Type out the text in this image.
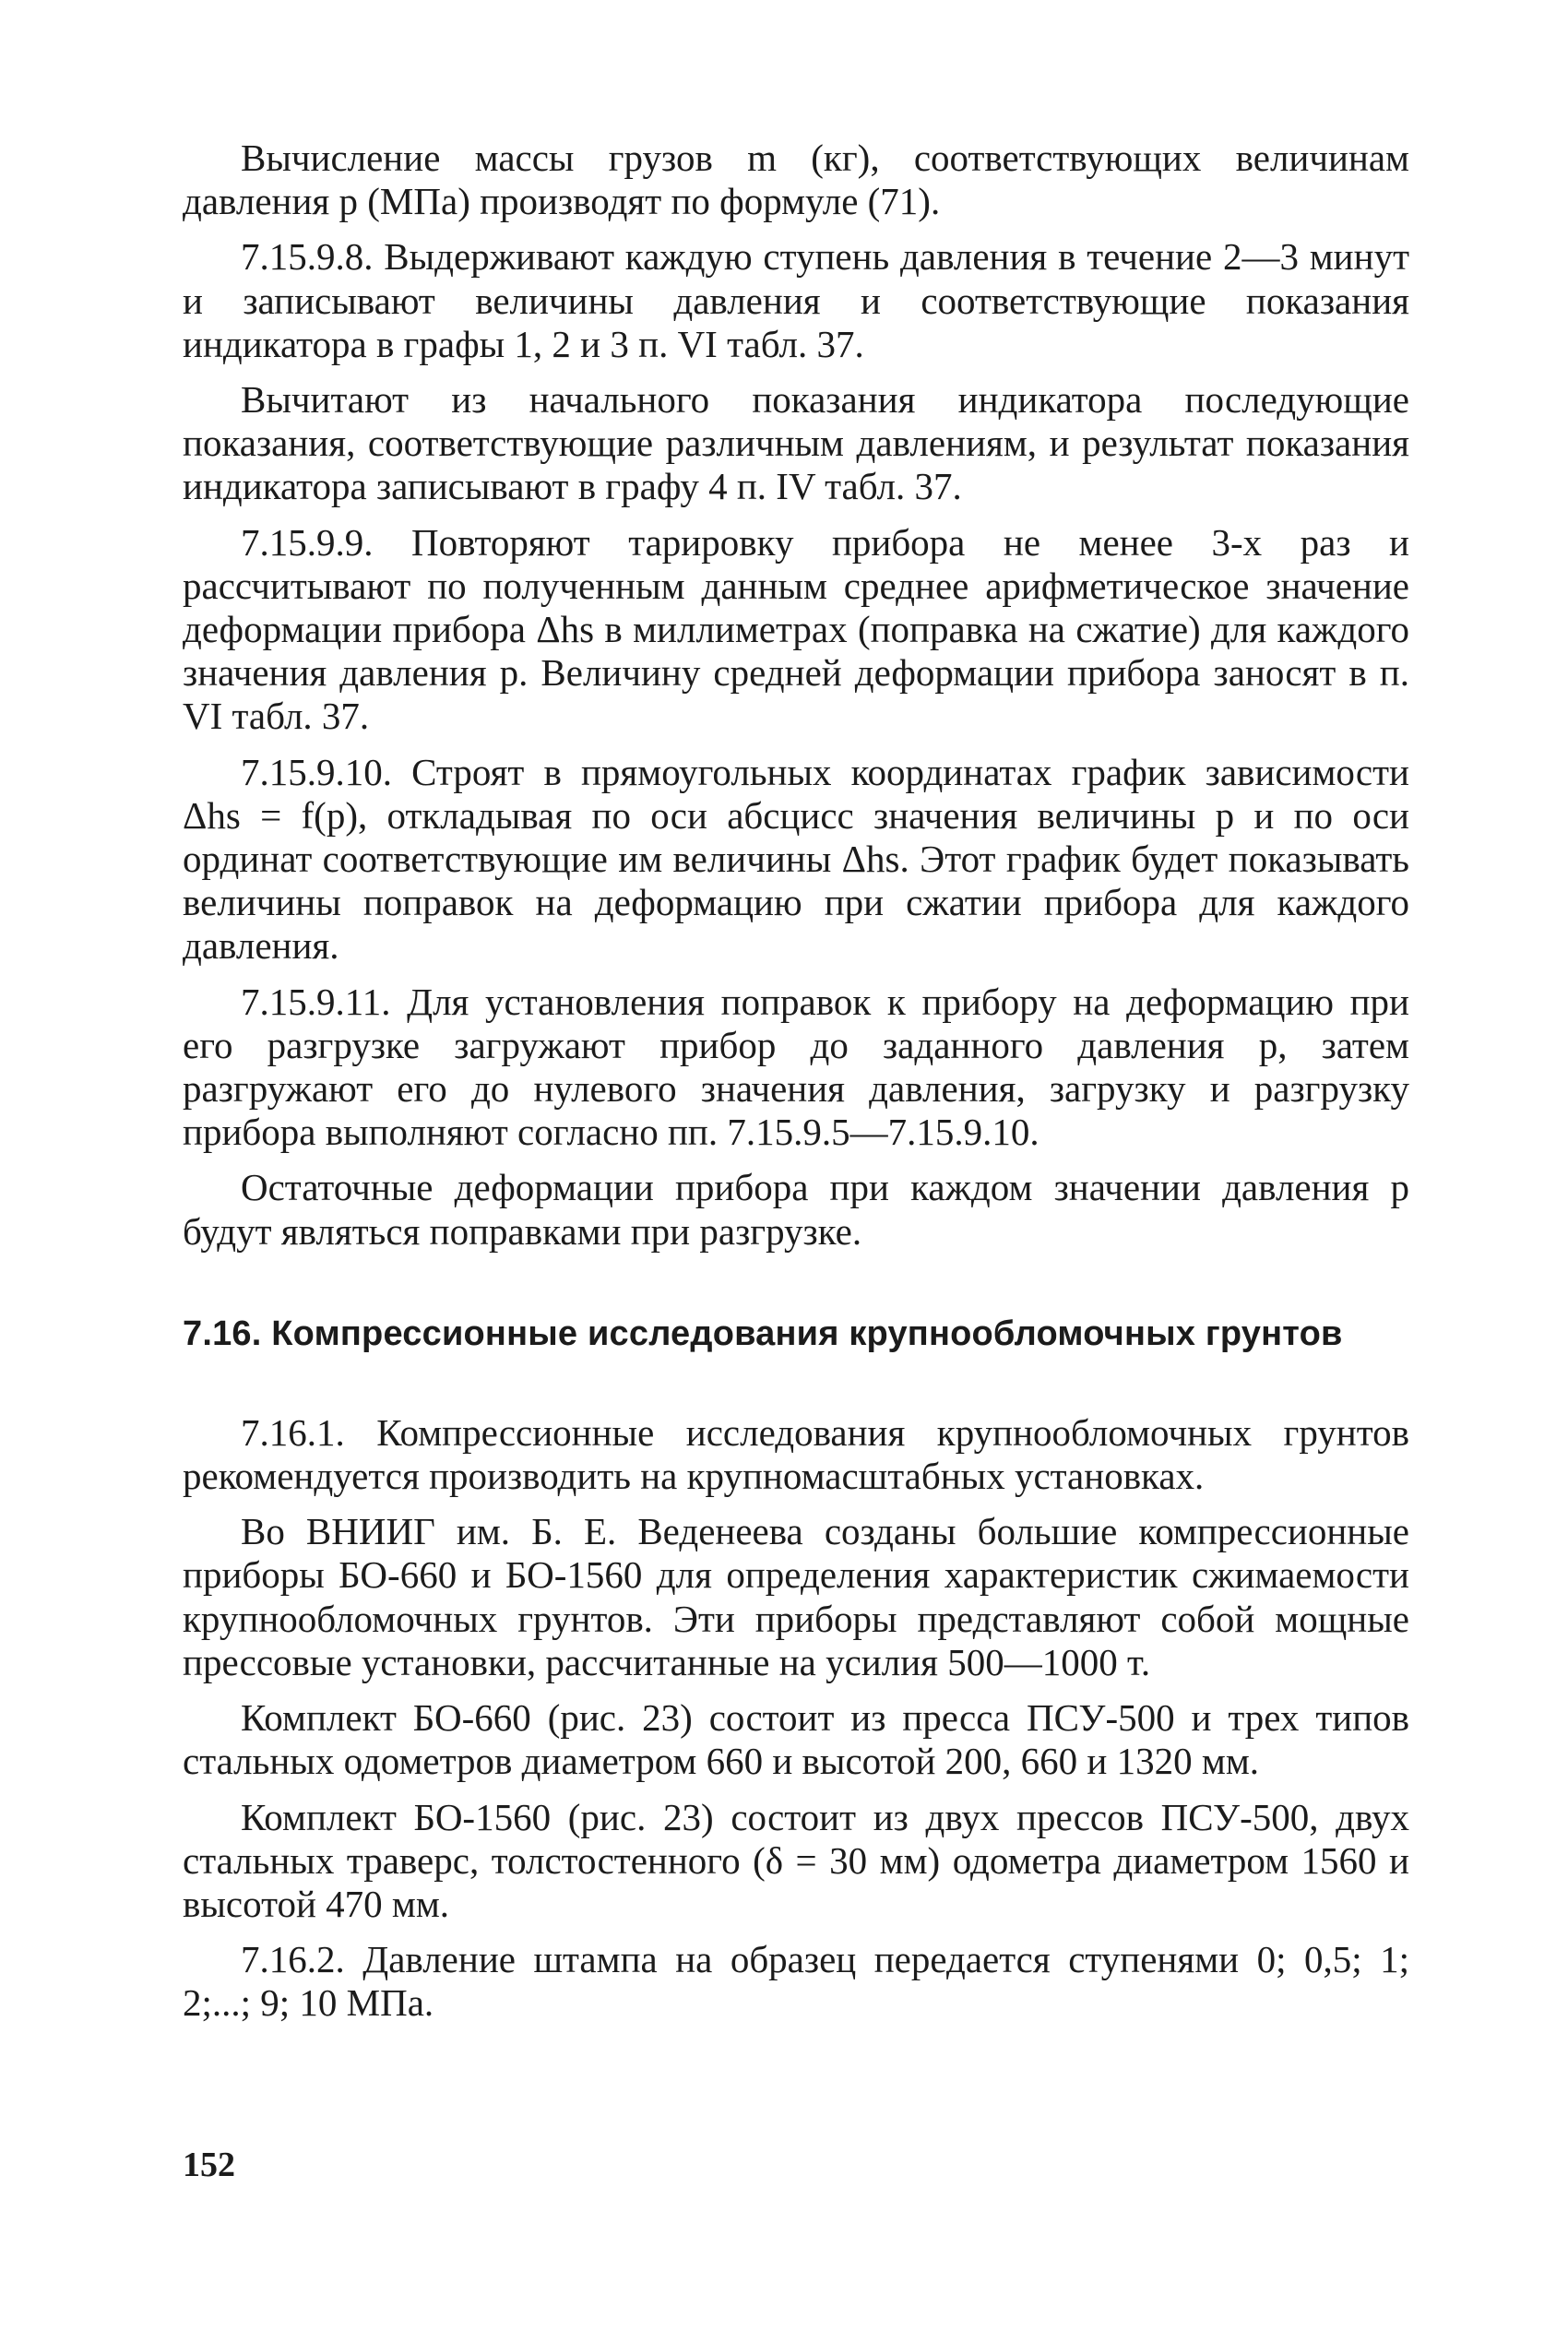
Вычисление массы грузов m (кг), соответствующих величинам давления p (МПа) производят по формуле (71).

7.15.9.8. Выдерживают каждую ступень давления в течение 2—3 минут и записывают величины давления и соответствующие показания индикатора в графы 1, 2 и 3 п. VI табл. 37.

Вычитают из начального показания индикатора последующие показания, соответствующие различным давлениям, и результат показания индикатора записывают в графу 4 п. IV табл. 37.

7.15.9.9. Повторяют тарировку прибора не менее 3-х раз и рассчитывают по полученным данным среднее арифметическое значение деформации прибора Δhs в миллиметрах (поправка на сжатие) для каждого значения давления p. Величину средней деформации прибора заносят в п. VI табл. 37.

7.15.9.10. Строят в прямоугольных координатах график зависимости Δhs = f(p), откладывая по оси абсцисс значения величины p и по оси ординат соответствующие им величины Δhs. Этот график будет показывать величины поправок на деформацию при сжатии прибора для каждого давления.

7.15.9.11. Для установления поправок к прибору на деформацию при его разгрузке загружают прибор до заданного давления p, затем разгружают его до нулевого значения давления, загрузку и разгрузку прибора выполняют согласно пп. 7.15.9.5—7.15.9.10.

Остаточные деформации прибора при каждом значении давления p будут являться поправками при разгрузке.

7.16. Компрессионные исследования крупнообломочных грунтов

7.16.1. Компрессионные исследования крупнообломочных грунтов рекомендуется производить на крупномасштабных установках.

Во ВНИИГ им. Б. Е. Веденеева созданы большие компрессионные приборы БО-660 и БО-1560 для определения характеристик сжимаемости крупнообломочных грунтов. Эти приборы представляют собой мощные прессовые установки, рассчитанные на усилия 500—1000 т.

Комплект БО-660 (рис. 23) состоит из пресса ПСУ-500 и трех типов стальных одометров диаметром 660 и высотой 200, 660 и 1320 мм.

Комплект БО-1560 (рис. 23) состоит из двух прессов ПСУ-500, двух стальных траверс, толстостенного (δ = 30 мм) одометра диаметром 1560 и высотой 470 мм.

7.16.2. Давление штампа на образец передается ступенями 0; 0,5; 1; 2;...; 9; 10 МПа.

152
